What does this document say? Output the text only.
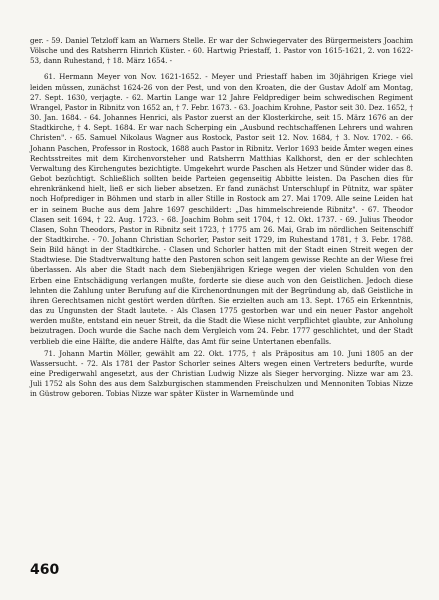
ger. - 59. Daniel Tetzloff kam an Warners Stelle. Er war der Schwiegervater des Bürgermeisters Joachim Völsche und des Ratsherrn Hinrich Küster. - 60. Hartwig Priestaff, 1. Pastor von 1615-1621, 2. von 1622-53, dann Ruhestand, † 18. März 1654. -

61. Hermann Meyer von Nov. 1621-1652. - Meyer und Priestaff haben im 30jährigen Kriege viel leiden müssen, zunächst 1624-26 von der Pest, und von den Kroaten, die der Gustav Adolf am Montag, 27. Sept. 1630, verjagte. - 62. Martin Lange war 12 Jahre Feldprediger beim schwedischen Regiment Wrangel, Pastor in Ribnitz von 1652 an, † 7. Febr. 1673. - 63. Joachim Krohne, Pastor seit 30. Dez. 1652, † 30. Jan. 1684. - 64. Johannes Henrici, als Pastor zuerst an der Klosterkirche, seit 15. März 1676 an der Stadtkirche, † 4. Sept. 1684. Er war nach Scherping ein „Ausbund rechtschaffenen Lehrers und wahren Christen". - 65. Samuel Nikolaus Wagner aus Rostock, Pastor seit 12. Nov. 1684, † 3. Nov. 1702. - 66. Johann Paschen, Professor in Rostock, 1688 auch Pastor in Ribnitz. Verlor 1693 beide Ämter wegen eines Rechtsstreites mit dem Kirchenvorsteher und Ratsherrn Matthias Kalkhorst, den er der schlechten Verwaltung des Kirchengutes bezichtigte. Umgekehrt wurde Paschen als Hetzer und Sünder wider das 8. Gebot bezüchtigt. Schließlich sollten beide Parteien gegenseitig Abbitte leisten. Da Paschen dies für ehrenkränkend hielt, ließ er sich lieber absetzen. Er fand zunächst Unterschlupf in Pütnitz, war später noch Hofprediger in Böhmen und starb in aller Stille in Rostock am 27. Mai 1709. Alle seine Leiden hat er in seinem Buche aus dem Jahre 1697 geschildert: „Das himmelschreiende Ribnitz". - 67. Theodor Clasen seit 1694, † 22. Aug. 1723. - 68. Joachim Bohm seit 1704, † 12. Okt. 1737. - 69. Julius Theodor Clasen, Sohn Theodors, Pastor in Ribnitz seit 1723, † 1775 am 26. Mai, Grab im nördlichen Seitenschiff der Stadtkirche. - 70. Johann Christian Schorler, Pastor seit 1729, im Ruhestand 1781, † 3. Febr. 1788. Sein Bild hängt in der Stadtkirche. - Clasen und Schorler hatten mit der Stadt einen Streit wegen der Stadtwiese. Die Stadtverwaltung hatte den Pastoren schon seit langem gewisse Rechte an der Wiese frei überlassen. Als aber die Stadt nach dem Siebenjährigen Kriege wegen der vielen Schulden von den Erben eine Entschädigung verlangen mußte, forderte sie diese auch von den Geistlichen. Jedoch diese lehnten die Zahlung unter Berufung auf die Kirchenordnungen mit der Begründung ab, daß Geistliche in ihren Gerechtsamen nicht gestört werden dürften. Sie erzielten auch am 13. Sept. 1765 ein Erkenntnis, das zu Ungunsten der Stadt lautete. - Als Clasen 1775 gestorben war und ein neuer Pastor angeholt werden mußte, entstand ein neuer Streit, da die Stadt die Wiese nicht verpflichtet glaubte, zur Anholung beizutragen. Doch wurde die Sache nach dem Vergleich vom 24. Febr. 1777 geschlichtet, und der Stadt verblieb die eine Hälfte, die andere Hälfte, das Amt für seine Untertanen ebenfalls.

71. Johann Martin Möller, gewählt am 22. Okt. 1775, † als Präpositus am 10. Juni 1805 an der Wassersucht. - 72. Als 1781 der Pastor Schorler seines Alters wegen einen Vertreters bedurfte, wurde eine Predigerwahl angesetzt, aus der Christian Ludwig Nizze als Sieger hervorging. Nizze war am 23. Juli 1752 als Sohn des aus dem Salzburgischen stammenden Freischulzen und Mennoniten Tobias Nizze in Güstrow geboren. Tobias Nizze war später Küster in Warnemünde und

460
